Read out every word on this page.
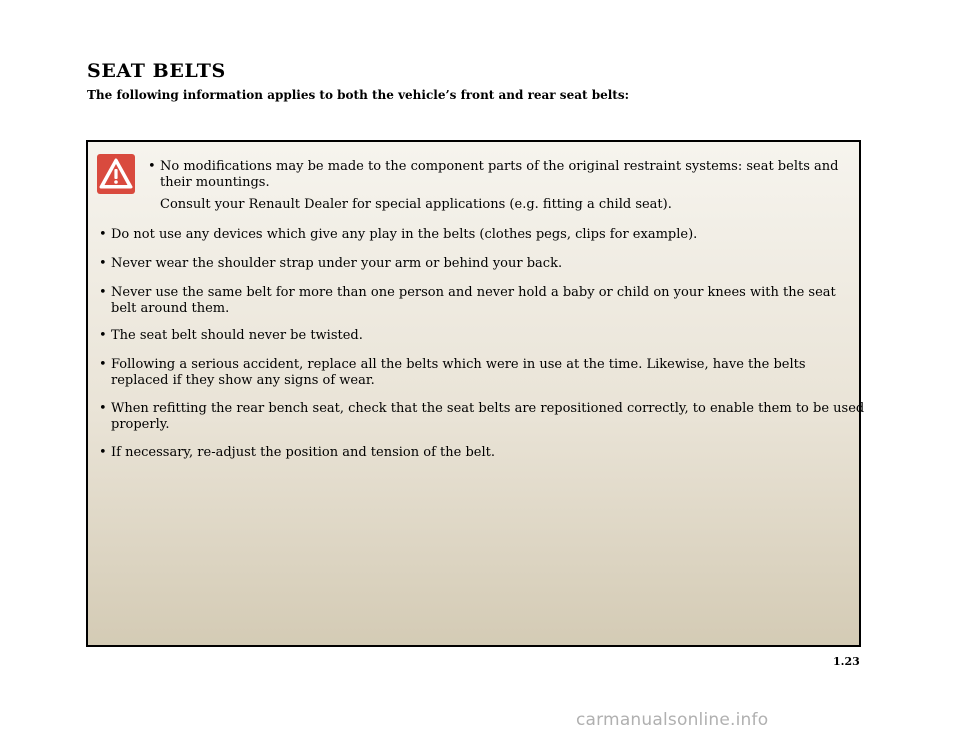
SEAT BELTS

The following information applies to both the vehicle’s front and rear seat belts:

• No modifications may be made to the component parts of the original restraint systems: seat belts and their mountings.
Consult your Renault Dealer for special applications (e.g. fitting a child seat).
• Do not use any devices which give any play in the belts (clothes pegs, clips for example).
• Never wear the shoulder strap under your arm or behind your back.
• Never use the same belt for more than one person and never hold a baby or child on your knees with the seat belt around them.
• The seat belt should never be twisted.
• Following a serious accident, replace all the belts which were in use at the time. Likewise, have the belts replaced if they show any signs of wear.
• When refitting the rear bench seat, check that the seat belts are repositioned correctly, to enable them to be used properly.
• If necessary, re-adjust the position and tension of the belt.
1.23
carmanualsonline.info
